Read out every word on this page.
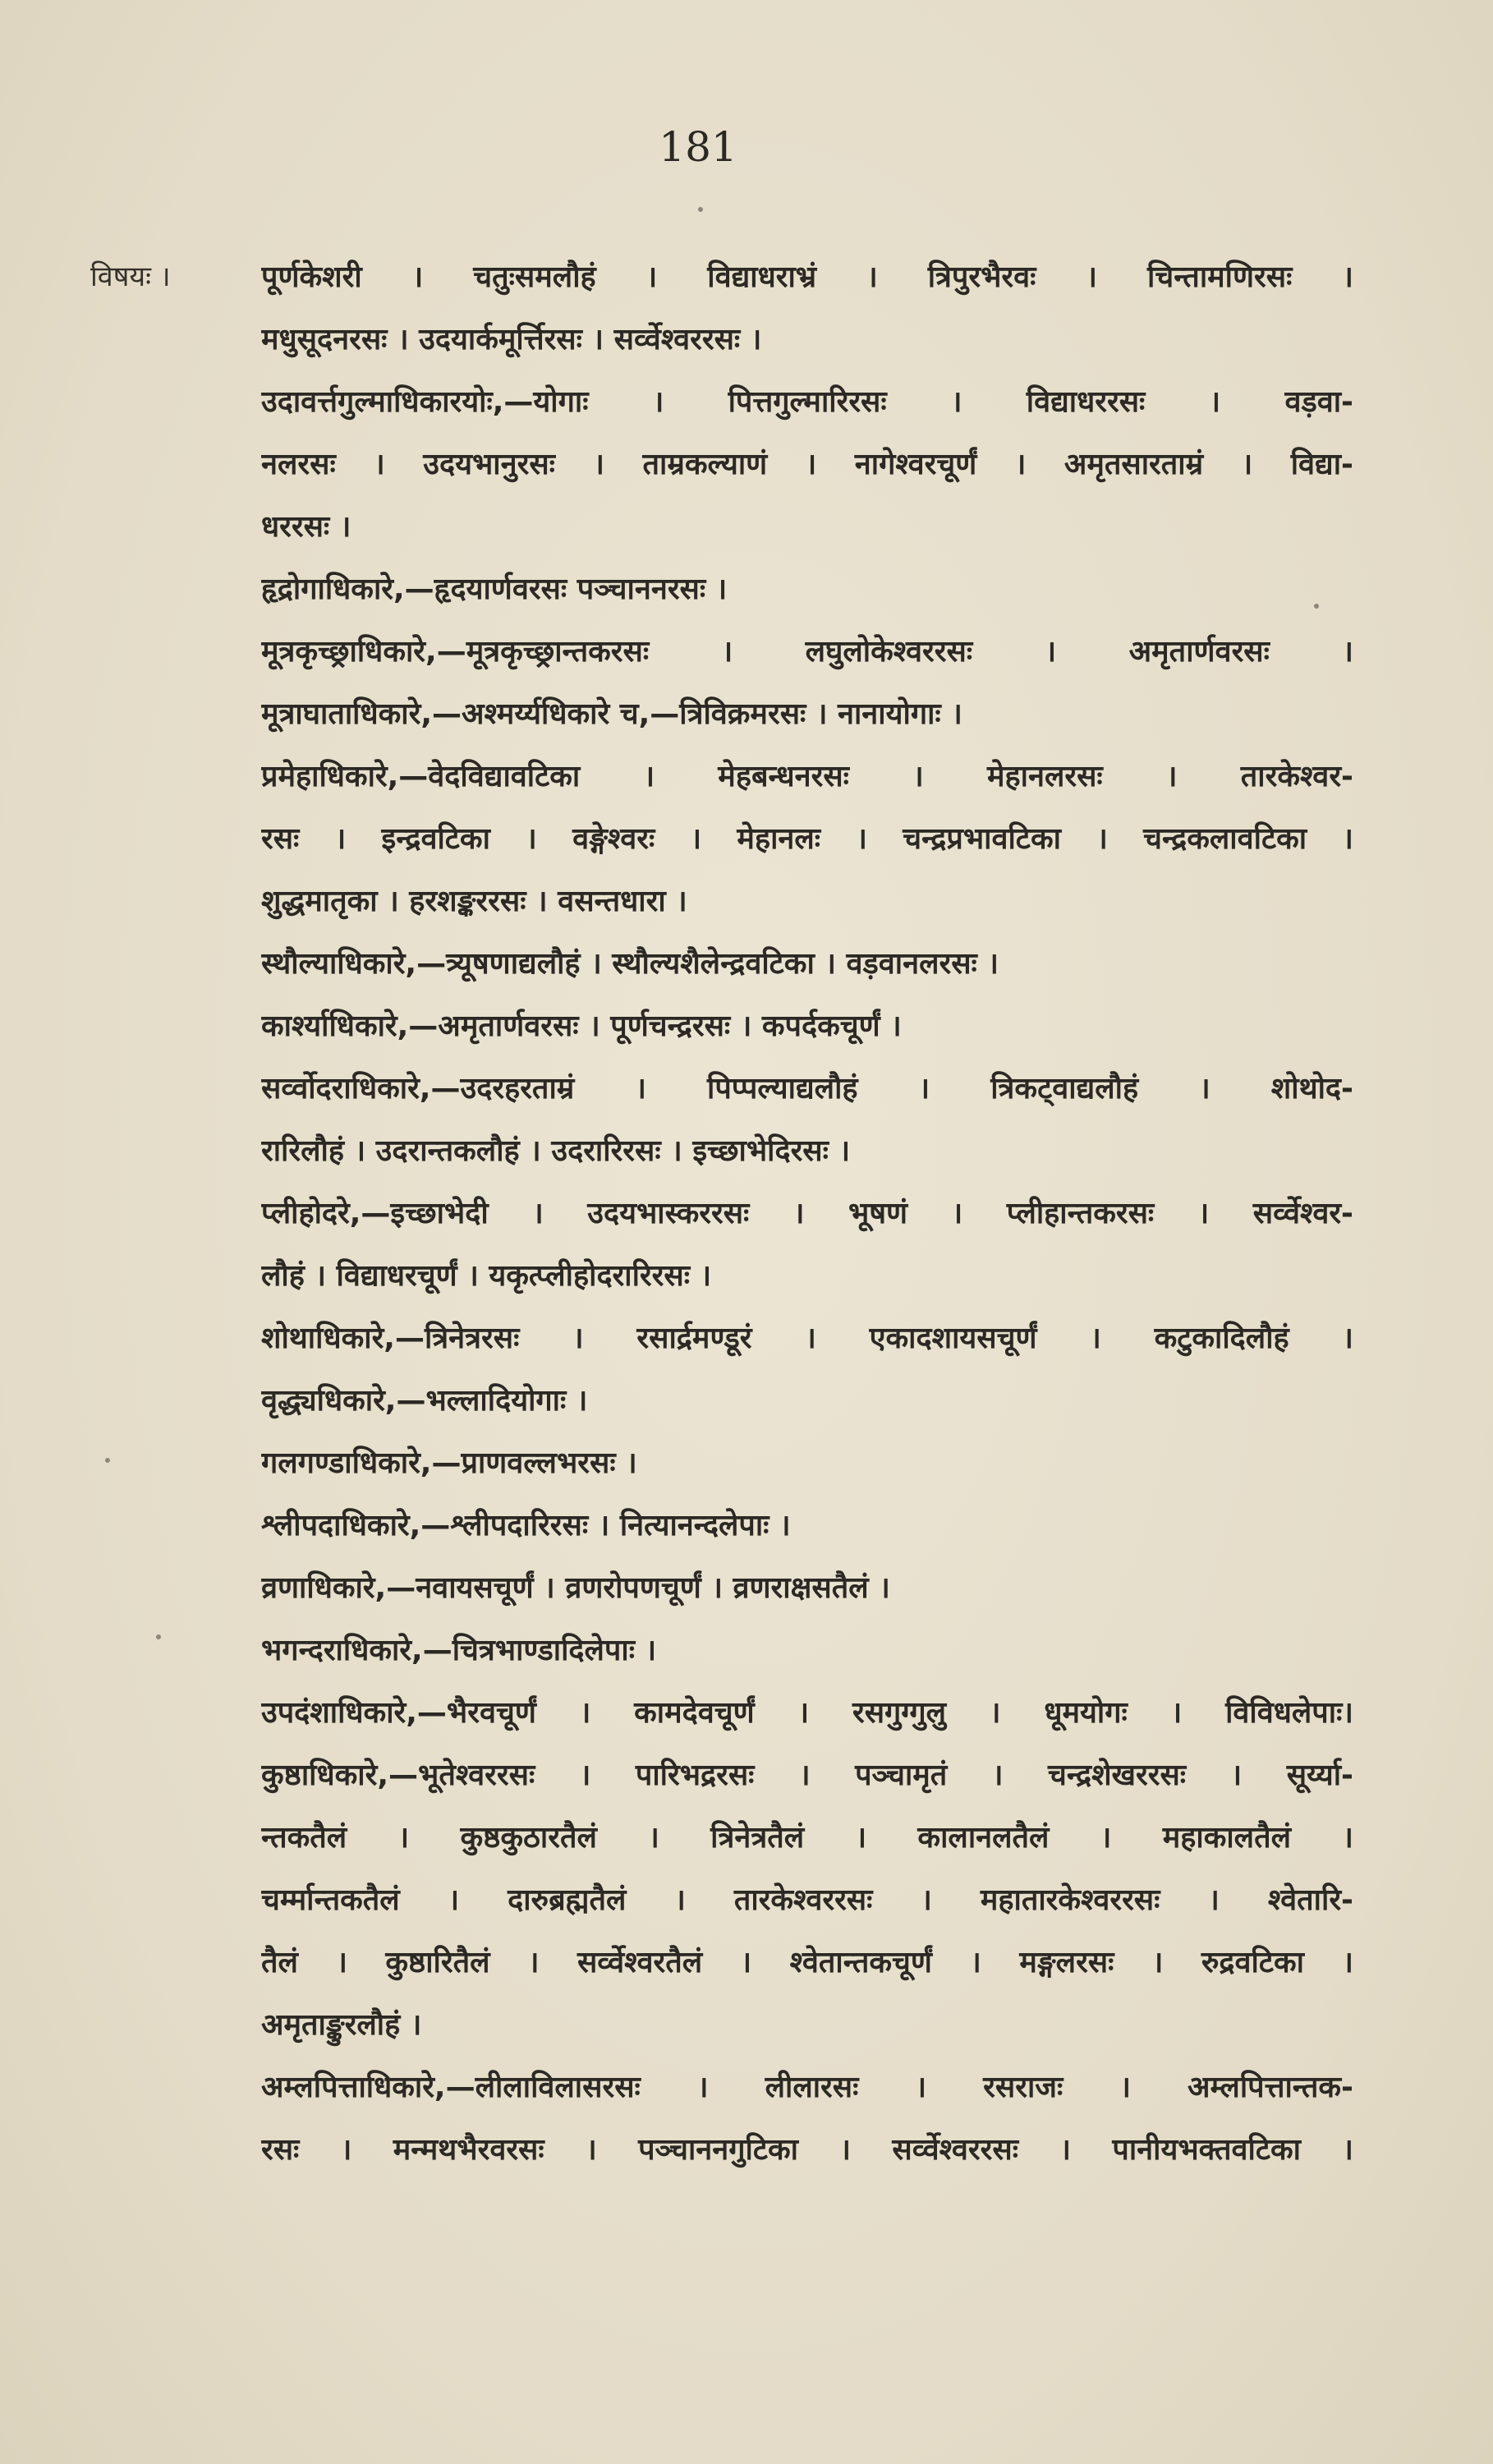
181
विषयः ।	पूर्णकेशरी । चतुःसमलौहं । विद्याधराभ्रं । त्रिपुरभैरवः । चिन्तामणिरसः ।
मधुसूदनरसः । उदयार्कमूर्त्तिरसः । सर्व्वेश्वररसः ।
उदावर्त्तगुल्माधिकारयोः,—योगाः । पित्तगुल्मारिरसः । विद्याधररसः । वड़वा-
नलरसः । उदयभानुरसः । ताम्रकल्याणं । नागेश्वरचूर्णं । अमृतसारताम्रं । विद्या-
धररसः ।
हृद्रोगाधिकारे,—हृदयार्णवरसः पञ्चाननरसः ।
मूत्रकृच्छ्राधिकारे,—मूत्रकृच्छ्रान्तकरसः । लघुलोकेश्वररसः । अमृतार्णवरसः ।
मूत्राघाताधिकारे,—अश्मर्य्यधिकारे च,—त्रिविक्रमरसः । नानायोगाः ।
प्रमेहाधिकारे,—वेदविद्यावटिका । मेहबन्धनरसः । मेहानलरसः । तारकेश्वर-
रसः । इन्द्रवटिका । वङ्गेश्वरः । मेहानलः । चन्द्रप्रभावटिका । चन्द्रकलावटिका ।
शुद्धमातृका । हरशङ्कररसः । वसन्तधारा ।
स्थौल्याधिकारे,—त्र्यूषणाद्यलौहं । स्थौल्यशैलेन्द्रवटिका । वड़वानलरसः ।
कार्श्याधिकारे,—अमृतार्णवरसः । पूर्णचन्द्ररसः । कपर्दकचूर्णं ।
सर्व्वोदराधिकारे,—उदरहरताम्रं । पिप्पल्याद्यलौहं । त्रिकट्वाद्यलौहं । शोथोद-
रारिलौहं । उदरान्तकलौहं । उदरारिरसः । इच्छाभेदिरसः ।
प्लीहोदरे,—इच्छाभेदी । उदयभास्कररसः । भूषणं । प्लीहान्तकरसः । सर्व्वेश्वर-
लौहं । विद्याधरचूर्णं । यकृत्प्लीहोदरारिरसः ।
शोथाधिकारे,—त्रिनेत्ररसः । रसार्द्रमण्डूरं । एकादशायसचूर्णं । कटुकादिलौहं ।
वृद्ध्यधिकारे,—भल्लादियोगाः ।
गलगण्डाधिकारे,—प्राणवल्लभरसः ।
श्लीपदाधिकारे,—श्लीपदारिरसः । नित्यानन्दलेपाः ।
व्रणाधिकारे,—नवायसचूर्णं । व्रणरोपणचूर्णं । व्रणराक्षसतैलं ।
भगन्दराधिकारे,—चित्रभाण्डादिलेपाः ।
उपदंशाधिकारे,—भैरवचूर्णं । कामदेवचूर्णं । रसगुग्गुलु । धूमयोगः । विविधलेपाः।
कुष्ठाधिकारे,—भूतेश्वररसः । पारिभद्ररसः । पञ्चामृतं । चन्द्रशेखररसः । सूर्य्या-
न्तकतैलं । कुष्ठकुठारतैलं । त्रिनेत्रतैलं । कालानलतैलं । महाकालतैलं ।
चर्म्मान्तकतैलं । दारुब्रह्मतैलं । तारकेश्वररसः । महातारकेश्वररसः । श्वेतारि-
तैलं । कुष्ठारितैलं । सर्व्वेश्वरतैलं । श्वेतान्तकचूर्णं । मङ्गलरसः । रुद्रवटिका ।
अमृताङ्कुरलौहं ।
अम्लपित्ताधिकारे,—लीलाविलासरसः । लीलारसः । रसराजः । अम्लपित्तान्तक-
रसः । मन्मथभैरवरसः । पञ्चाननगुटिका । सर्व्वेश्वररसः । पानीयभक्तवटिका ।
